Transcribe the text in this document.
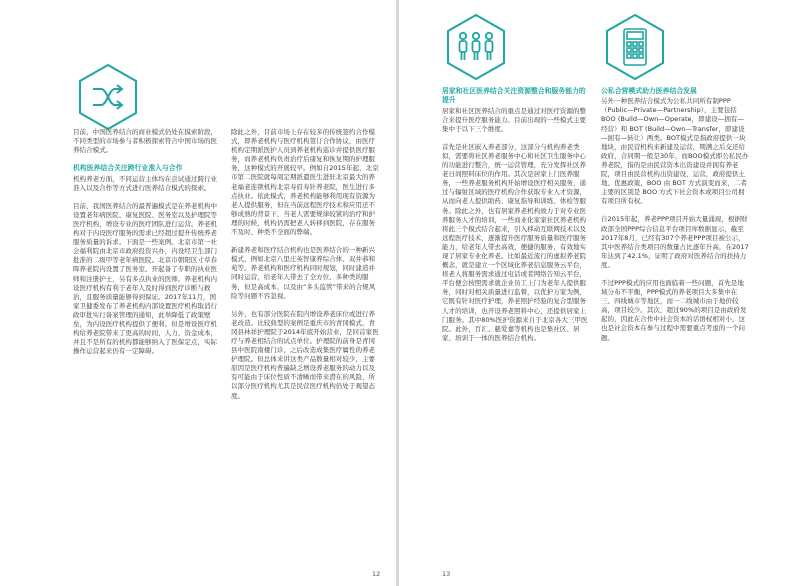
目前，中国医养结合的商业模式仍处在摸索阶段，不同类型的市场参与者积极探索符合中国市场的医养结合模式。

机构医养结合关注跨行业准入与合作
机构养老方面，不同运营主体均在尝试通过跨行业准入以及合作等方式进行医养结合模式的探索。

目前，我国医养结合的最普遍模式是在养老机构中设置老年病医院、康复医院、医务室以及护理院等医疗机构，增设专业的医疗团队进行运营。养老机构对于内设医疗服务的需求已经超过提升传统养老服务质量的诉求。下面是一些案例。北京市第一社会福利院由北京市政府投资兴办，内设经卫生部门批准的二级甲等老年病医院。北京市朝阳区寸草春晖养老院内设置了医务室、开起备了专职的执业医师和注册护士，另有多点执业的医师。养老机构内设医疗机构有利于老年人及时得到医疗诊断与救治，且服务质量能够得到保证。2017年11月，国家卫健委发布了养老机构内部设置医疗机构取消行政审批实行备案管理的通知，此举降低了政策壁垒，为内设医疗机构提供了便利。但是增设医疗机构给养老院带来了更高的时间、人力、资金成本，并且不是所有的机构都能够纳入了医保定点，实际操作运营起来仍有一定障碍。

除此之外，目前市场上存在较多的传统签约合作模式，即养老机构与医疗机构签订合作协议，由医疗机构定期派医护人员到养老机构巡诊并提供医疗服务，而养老机构负责治疗后康复和恢复期的护理服务，这种模式的开展较早。例如自2015年起，北京市第二医院就每周定期派遣医生进驻北京最大的养老福老连锁机构北京寿眉寿针养老院，医生进行多点执业。依此模式，养老机构能够利用现有资源为老人提供服务，但在当前远程医疗技术和应用还不够成熟的背景下，当老人需要规律较紧的治疗和护理的时候，机构仍需把老人转移到医院，存在服务不及时、种类不全面的弊端。

新建养老和医疗结合机构也是医养结合的一种新兴模式，例如北京八里庄英智康养综合体、双井恭和苑等。养老机构和医疗机构同时规划，同时建造并同时运营，给老年人带去了全方位、多种类的服务，但是高成本，以及由“多头监管”带来的合规风险等问题不容忽视。

另外，也有部分医院在院内增设养老床位或进行养老改造。比较典型的案例是重庆市的青冈模式，青冈县林祥护理院于2014年底开始营业，是同首家医疗与养老相结合的试点单位。护理院的前身是青冈县中医院南楼门诊，之后改造成集医疗属性的养老护理院。但总体来讲这类产品数量相对较少，主要原因是医疗机构普遍缺乏增设养老服务的动力以及有可能由于床位性质不清晰而带来潜在的风险，所以部分医疗机构尤其是民营医疗机构仍处于观望态度。

12

居家和社区医养结合关注资源整合和服务能力的提升
居家和社区医养结合的重点是通过对医疗资源的整合来提升医疗服务能力。目前出现的一些模式主要集中于以下三个维度。

首先是社区嵌入养老部分，这部分与机构养老类似，需要将社区养老服务中心和社区卫生服务中心的功能进行整合，统一运营管理，充分发挥社区养老日间照料床位的作用。其次是居家上门医养服务，一些养老服务机构开始增设医疗相关服务，通过与辐射区域的医疗机构合作获取专业人才资源，从而向老人提供助药、康复指导和训练、体检等服务。除此之外，也有居家养老机构致力于对专业医养服务人才的培训，一些商业化家家社区养老机构将此三个模式结合起来，引入移动互联网技术以及远程医疗技术，逐渐提升医疗服务质量和医疗服务能力，给老年人带去高效、便捷的服务，有效地实现了居家专业化养老。比如最近流行的虚拟养老院概念，就是建立一个区域化养老信息服务云平台，将老人将服务需求通过电话或者网络告知云平台，平台便会按照需求就企业员工上门为老年人提供服务，同时对相关质量进行监督，以优护万家为例，它既有针对医疗护理，养老照护经验的复合型服务人才的培训，也开设养老照料中心，还提供居家上门服务。其中80%医护资源来自于北京各大三甲医院。此外，百汇、慈爱嘉等机构也是集社区、居家、培训于一体的医养结合机构。

公私合营模式助力医养结合发展
另外一种医养结合模式为公私共同所有制PPP（Public—Private—Partnership），主要包括BOO (Build—Own—Operate，即建设—拥有—经营）和 BOT (Build—Own—Transfer，即建设—拥有—转让）两类。BOT模式是指政府提供一块地块，由民营机构来新建及运营，期满之后交还给政府，合同期一般是30年，而BOO模式即公私民办养老院，指的是由民营资本出资建设并拥有养老院，项目由民营机构出资建设，运营，政府提供土地、优惠政策，BOO 由 BOT 方式演变而来，二者主要的区别是 BOO 方式下社会资本或项目公司拥有项目所有权。

自2015年起，养老PPP项目开始大量涌现，根据财政部全国PPP综合信息平台项目库数据显示，截至2017年8月，已经有307个养老PPP项目被公示，其中医养结合类项目的数量占比逐年升高，在2017年达到了42.1%，证明了政府对医养结合的扶持力度。

不过PPP模式的应用也面临着一些问题，首先是地域分布不平衡，PPP模式的养老项目大多集中在三、四线城市等地区，而一二线城市由于地价较高，项目较少。其次，超过90%的项目是由政府发起的，因此在合作中社会资本的话语权相对小，这也是社会资本在参与过程中需要重点考虑的一个问题。

13
